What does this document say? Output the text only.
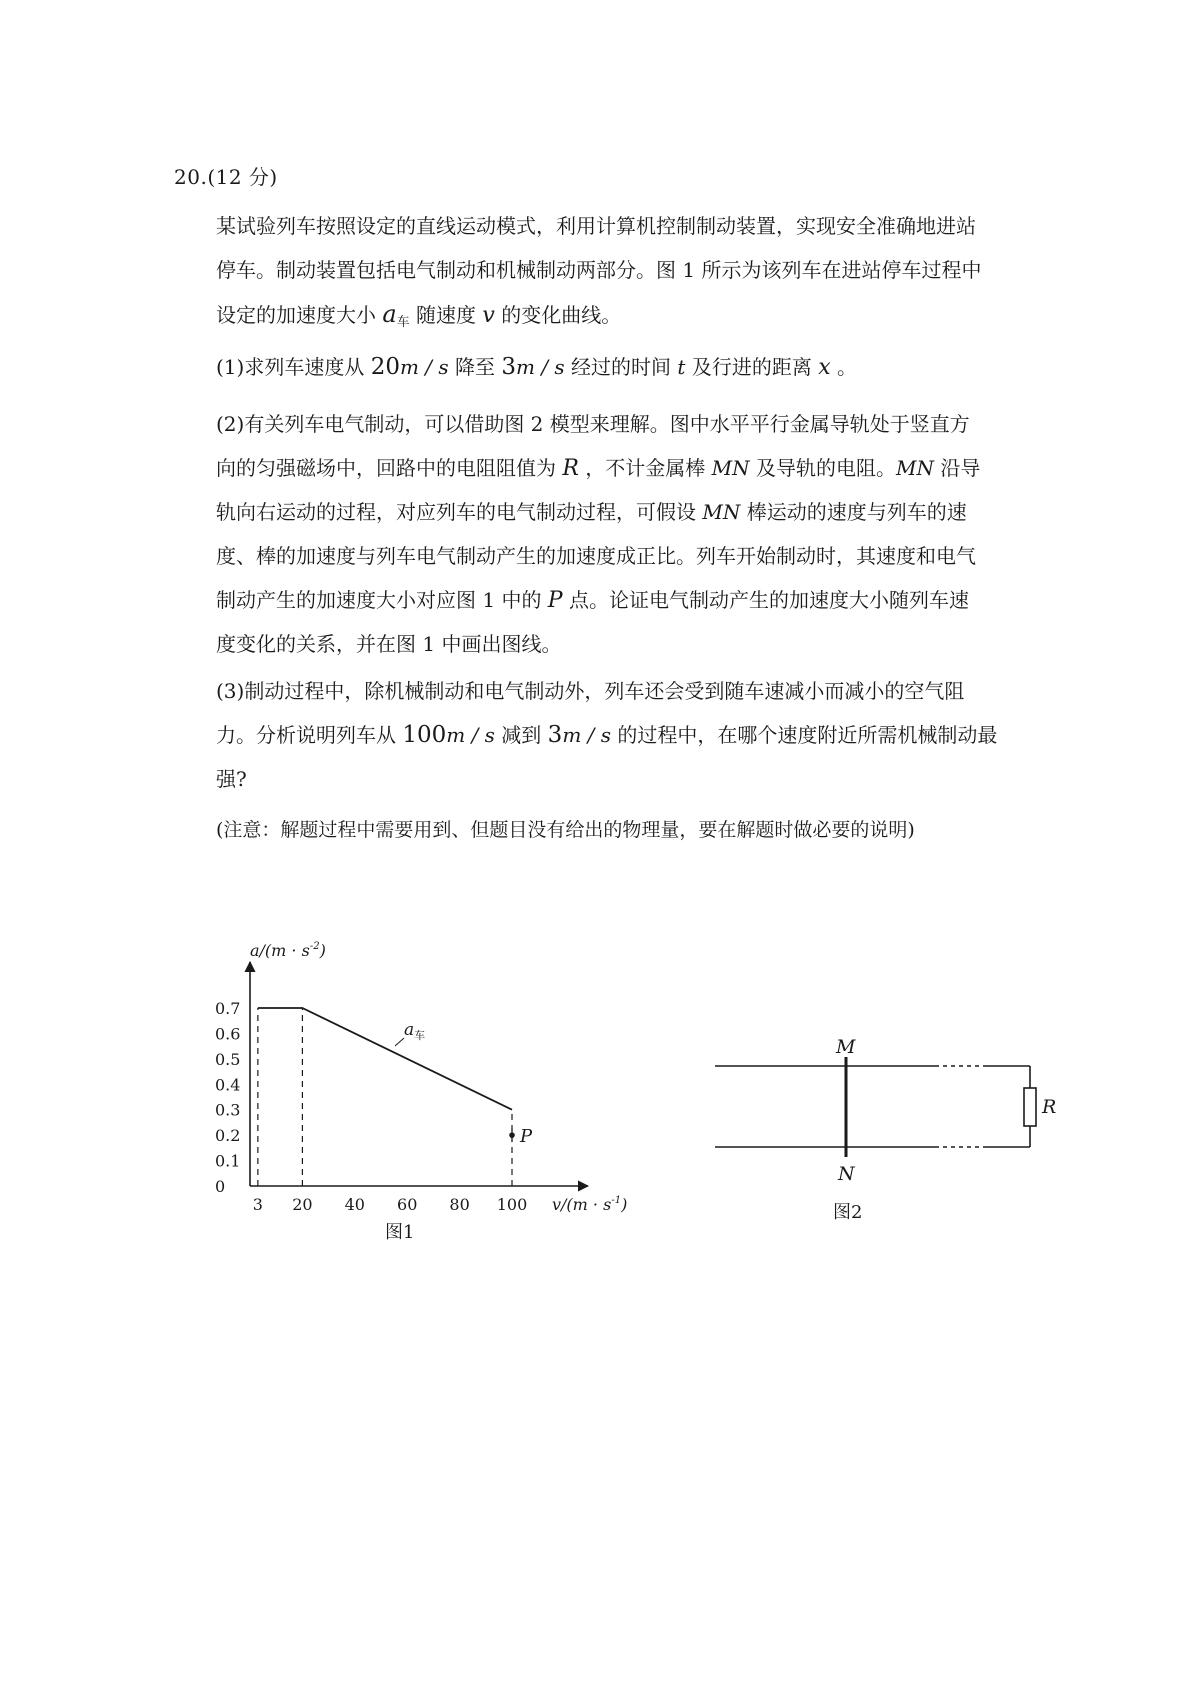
20.(12 分)
某试验列车按照设定的直线运动模式，利用计算机控制制动装置，实现安全准确地进站
停车。制动装置包括电气制动和机械制动两部分。图 1 所示为该列车在进站停车过程中
设定的加速度大小 $a_车$ 随速度 v 的变化曲线。
(1)求列车速度从 20m / s 降至 3m / s 经过的时间 t 及行进的距离 x 。
(2)有关列车电气制动，可以借助图 2 模型来理解。图中水平平行金属导轨处于竖直方
向的匀强磁场中，回路中的电阻阻值为 R ，不计金属棒 MN 及导轨的电阻。MN 沿导
轨向右运动的过程，对应列车的电气制动过程，可假设 MN 棒运动的速度与列车的速
度、棒的加速度与列车电气制动产生的加速度成正比。列车开始制动时，其速度和电气
制动产生的加速度大小对应图 1 中的 P 点。论证电气制动产生的加速度大小随列车速
度变化的关系，并在图 1 中画出图线。
(3)制动过程中，除机械制动和电气制动外，列车还会受到随车速减小而减小的空气阻
力。分析说明列车从 100m / s 减到 3m / s 的过程中，在哪个速度附近所需机械制动最
强?
(注意：解题过程中需要用到、但题目没有给出的物理量，要在解题时做必要的说明)
$a/(m \cdot s^{-2})$
$v/(m \cdot s^{-1})$
0
0.1
0.2
0.3
0.4
0.5
0.6
0.7
3 20 40 60 80 100
P
$a_车$
图1
R
M
N
图2
